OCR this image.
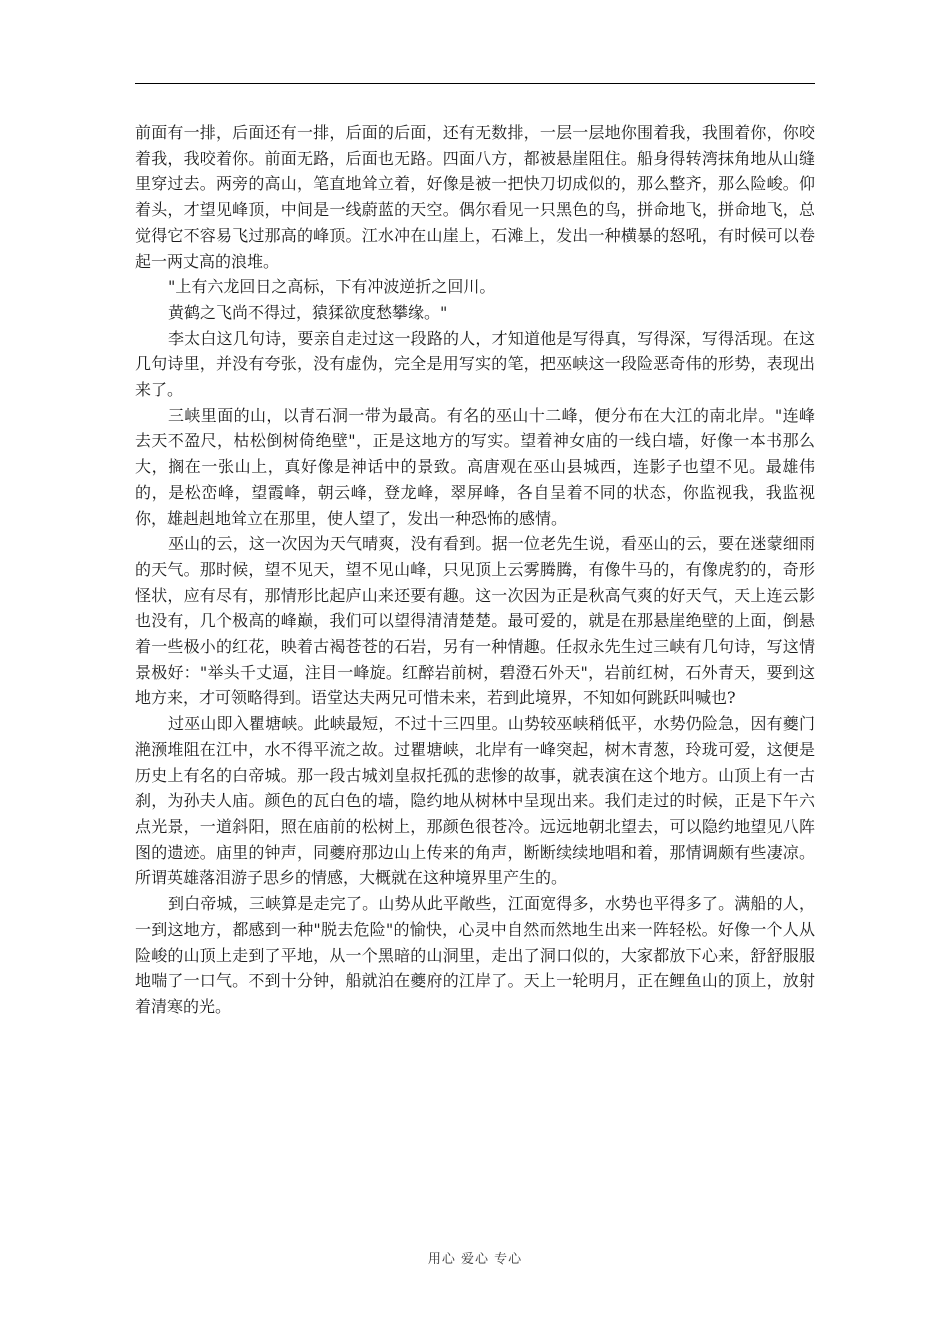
前面有一排，后面还有一排，后面的后面，还有无数排，一层一层地你围着我，我围着你，你咬着我，我咬着你。前面无路，后面也无路。四面八方，都被悬崖阻住。船身得转湾抹角地从山缝里穿过去。两旁的高山，笔直地耸立着，好像是被一把快刀切成似的，那么整齐，那么险峻。仰着头，才望见峰顶，中间是一线蔚蓝的天空。偶尔看见一只黑色的鸟，拼命地飞，拼命地飞，总觉得它不容易飞过那高的峰顶。江水冲在山崖上，石滩上，发出一种横暴的怒吼，有时候可以卷起一两丈高的浪堆。

"上有六龙回日之高标，下有冲波逆折之回川。

黄鹤之飞尚不得过，猿猱欲度愁攀缘。"

李太白这几句诗，要亲自走过这一段路的人，才知道他是写得真，写得深，写得活现。在这几句诗里，并没有夸张，没有虚伪，完全是用写实的笔，把巫峡这一段险恶奇伟的形势，表现出来了。

三峡里面的山，以青石洞一带为最高。有名的巫山十二峰，便分布在大江的南北岸。"连峰去天不盈尺，枯松倒树倚绝壁"，正是这地方的写实。望着神女庙的一线白墙，好像一本书那么大，搁在一张山上，真好像是神话中的景致。高唐观在巫山县城西，连影子也望不见。最雄伟的，是松峦峰，望霞峰，朝云峰，登龙峰，翠屏峰，各自呈着不同的状态，你监视我，我监视你，雄赳赳地耸立在那里，使人望了，发出一种恐怖的感情。

巫山的云，这一次因为天气晴爽，没有看到。据一位老先生说，看巫山的云，要在迷蒙细雨的天气。那时候，望不见天，望不见山峰，只见顶上云雾腾腾，有像牛马的，有像虎豹的，奇形怪状，应有尽有，那情形比起庐山来还要有趣。这一次因为正是秋高气爽的好天气，天上连云影也没有，几个极高的峰巅，我们可以望得清清楚楚。最可爱的，就是在那悬崖绝壁的上面，倒悬着一些极小的红花，映着古褐苍苍的石岩，另有一种情趣。任叔永先生过三峡有几句诗，写这情景极好："举头千丈逼，注目一峰旋。红醉岩前树，碧澄石外天"，岩前红树，石外青天，要到这地方来，才可领略得到。语堂达夫两兄可惜未来，若到此境界，不知如何跳跃叫喊也?

过巫山即入瞿塘峡。此峡最短，不过十三四里。山势较巫峡稍低平，水势仍险急，因有夔门滟滪堆阻在江中，水不得平流之故。过瞿塘峡，北岸有一峰突起，树木青葱，玲珑可爱，这便是历史上有名的白帝城。那一段古城刘皇叔托孤的悲惨的故事，就表演在这个地方。山顶上有一古刹，为孙夫人庙。颜色的瓦白色的墙，隐约地从树林中呈现出来。我们走过的时候，正是下午六点光景，一道斜阳，照在庙前的松树上，那颜色很苍冷。远远地朝北望去，可以隐约地望见八阵图的遗迹。庙里的钟声，同夔府那边山上传来的角声，断断续续地唱和着，那情调颇有些凄凉。所谓英雄落泪游子思乡的情感，大概就在这种境界里产生的。

到白帝城，三峡算是走完了。山势从此平敞些，江面宽得多，水势也平得多了。满船的人，一到这地方，都感到一种"脱去危险"的愉快，心灵中自然而然地生出来一阵轻松。好像一个人从险峻的山顶上走到了平地，从一个黑暗的山洞里，走出了洞口似的，大家都放下心来，舒舒服服地喘了一口气。不到十分钟，船就泊在夔府的江岸了。天上一轮明月，正在鲤鱼山的顶上，放射着清寒的光。

用心 爱心 专心
